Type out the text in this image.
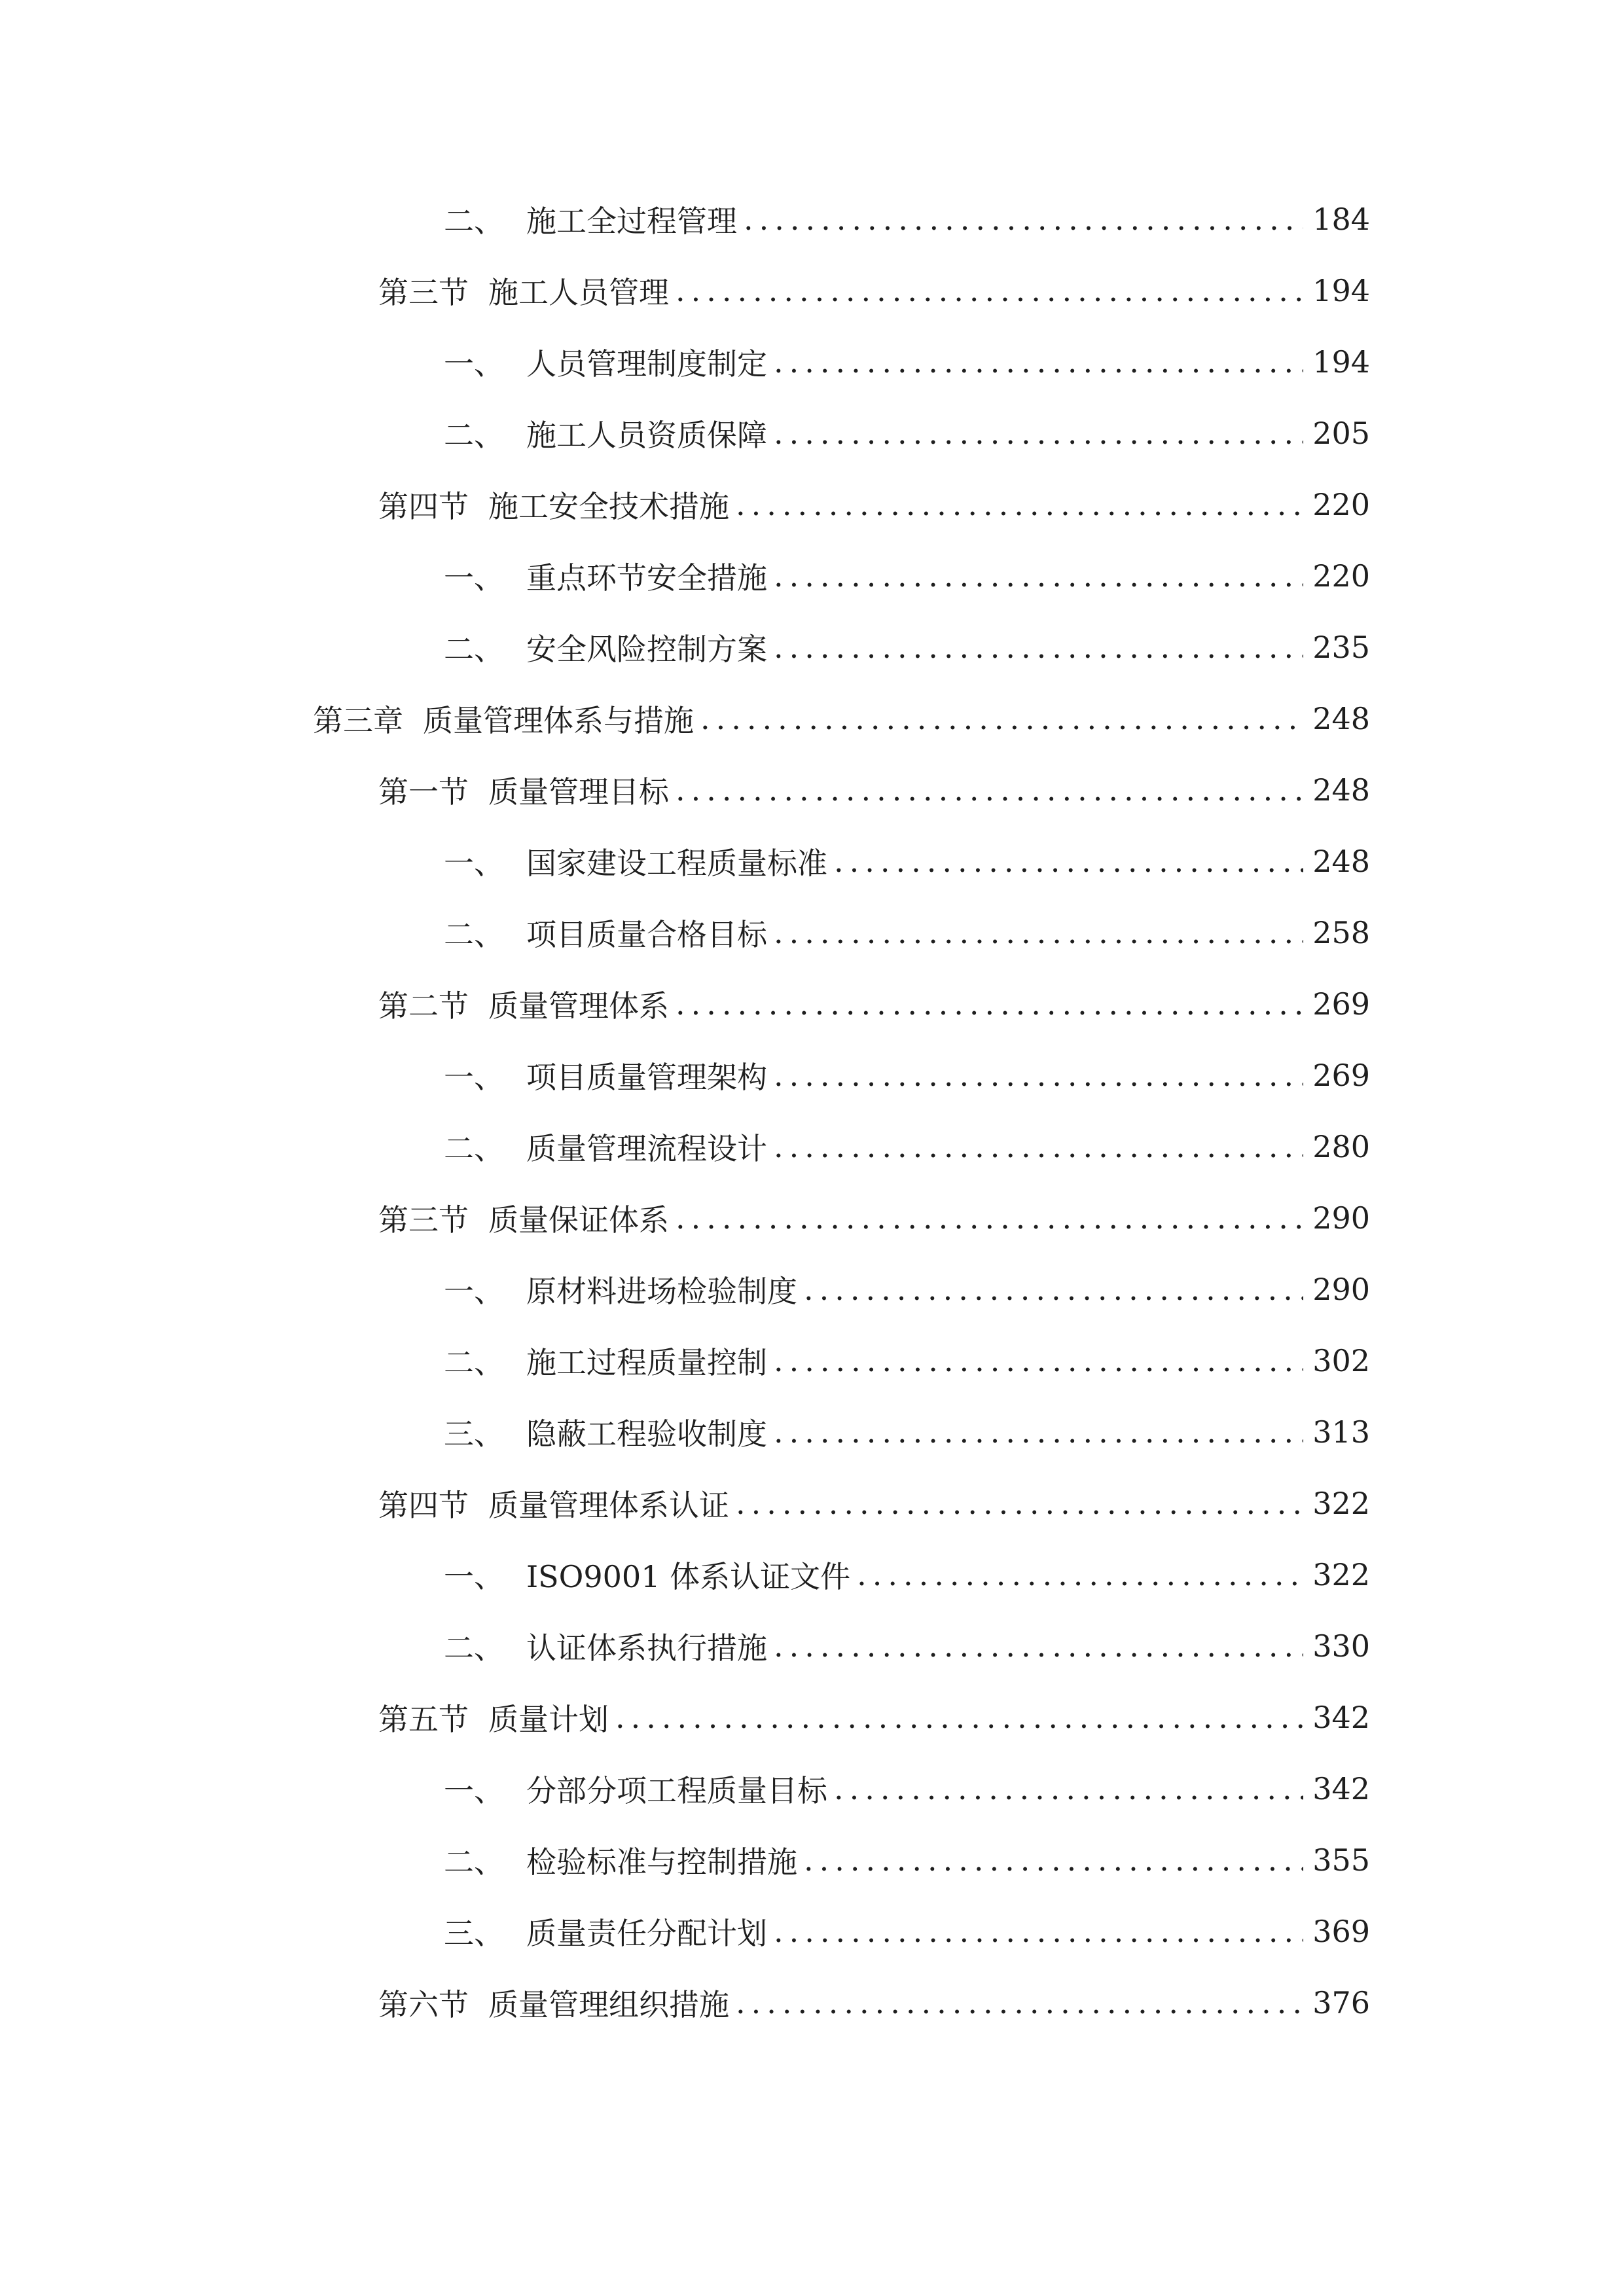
二、 施工全过程管理 .....	184
第三节 施工人员管理 .....	194
一、 人员管理制度制定 .....	194
二、 施工人员资质保障 .....	205
第四节 施工安全技术措施 .....	220
一、 重点环节安全措施 .....	220
二、 安全风险控制方案 .....	235
第三章 质量管理体系与措施 .....	248
第一节 质量管理目标 .....	248
一、 国家建设工程质量标准 .....	248
二、 项目质量合格目标 .....	258
第二节 质量管理体系 .....	269
一、 项目质量管理架构 .....	269
二、 质量管理流程设计 .....	280
第三节 质量保证体系 .....	290
一、 原材料进场检验制度 .....	290
二、 施工过程质量控制 .....	302
三、 隐蔽工程验收制度 .....	313
第四节 质量管理体系认证 .....	322
一、 ISO9001 体系认证文件 .....	322
二、 认证体系执行措施 .....	330
第五节 质量计划 .....	342
一、 分部分项工程质量目标 .....	342
二、 检验标准与控制措施 .....	355
三、 质量责任分配计划 .....	369
第六节 质量管理组织措施 .....	376
